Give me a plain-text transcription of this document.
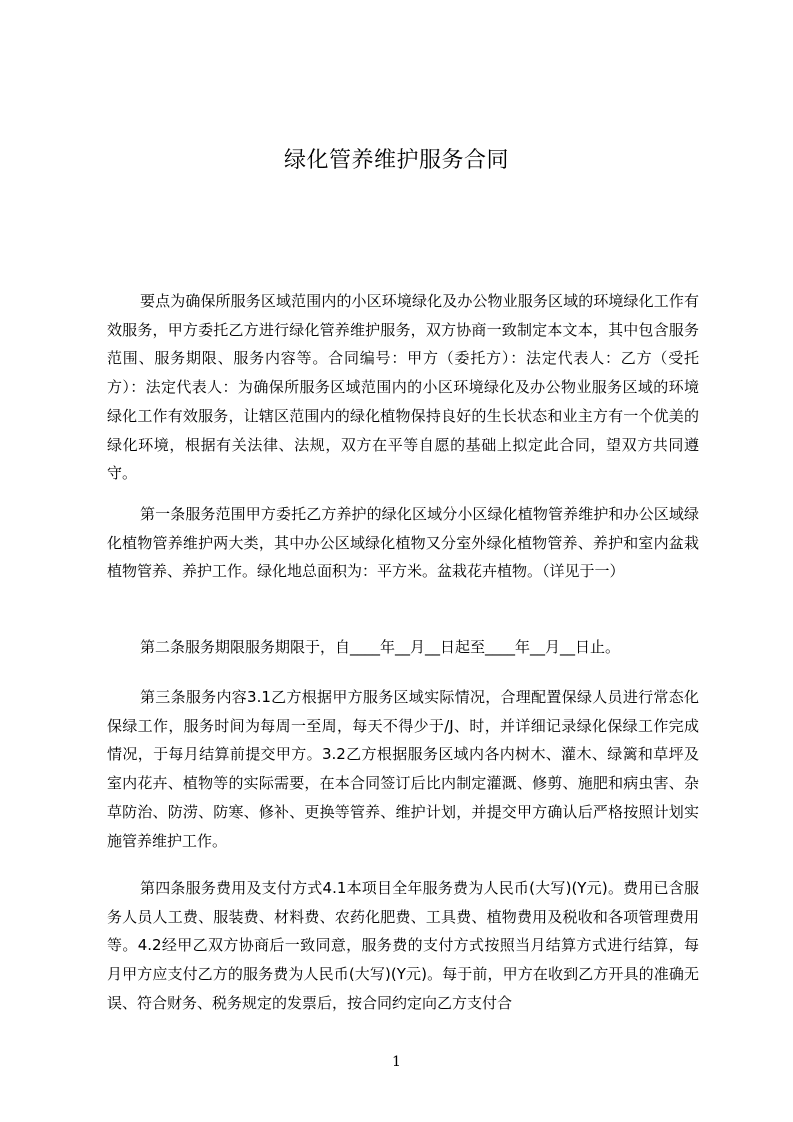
绿化管养维护服务合同

要点为确保所服务区域范围内的小区环境绿化及办公物业服务区域的环境绿化工作有效服务，甲方委托乙方进行绿化管养维护服务，双方协商一致制定本文本，其中包含服务范围、服务期限、服务内容等。合同编号：甲方（委托方）：法定代表人：乙方（受托方）：法定代表人：为确保所服务区域范围内的小区环境绿化及办公物业服务区域的环境绿化工作有效服务，让辖区范围内的绿化植物保持良好的生长状态和业主方有一个优美的绿化环境，根据有关法律、法规，双方在平等自愿的基础上拟定此合同，望双方共同遵守。

第一条服务范围甲方委托乙方养护的绿化区域分小区绿化植物管养维护和办公区域绿化植物管养维护两大类，其中办公区域绿化植物又分室外绿化植物管养、养护和室内盆栽植物管养、养护工作。绿化地总面积为：平方米。盆栽花卉植物。（详见于一）

第二条服务期限服务期限于，自____年__月__日起至____年__月__日止。

第三条服务内容3.1乙方根据甲方服务区域实际情况，合理配置保绿人员进行常态化保绿工作，服务时间为每周一至周，每天不得少于/J、时，并详细记录绿化保绿工作完成情况，于每月结算前提交甲方。3.2乙方根据服务区域内各内树木、灌木、绿篱和草坪及室内花卉、植物等的实际需要，在本合同签订后比内制定灌溉、修剪、施肥和病虫害、杂草防治、防涝、防寒、修补、更换等管养、维护计划，并提交甲方确认后严格按照计划实施管养维护工作。

第四条服务费用及支付方式4.1本项目全年服务费为人民币(大写)(Y元)。费用已含服务人员人工费、服装费、材料费、农药化肥费、工具费、植物费用及税收和各项管理费用等。4.2经甲乙双方协商后一致同意，服务费的支付方式按照当月结算方式进行结算，每月甲方应支付乙方的服务费为人民币(大写)(Y元)。每于前，甲方在收到乙方开具的准确无误、符合财务、税务规定的发票后，按合同约定向乙方支付合

1
